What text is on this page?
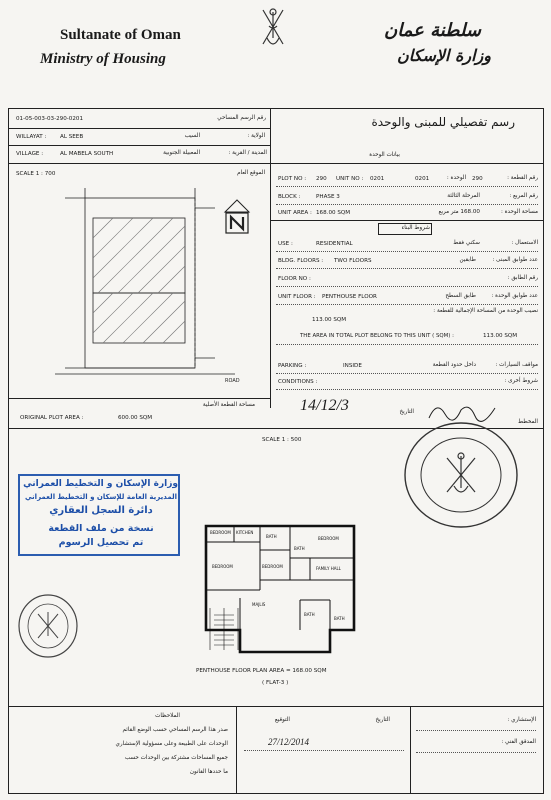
Sultanate of Oman
Ministry of Housing
سلطنة عمان
وزارة الإسكان
01-05-003-03-290-0201	رقم الرسم المساحي	رسم تفصيلي للمبنى والوحدة
WILLAYAT : AL SEEB	السيب	الولاية :
VILLAGE :	AL MABELA SOUTH	المعبيلة الجنوبية	المدينة / القرية :	بيانات الوحدة
SCALE 1 : 700	الموقع العام
ROAD
ORIGINAL PLOT AREA :	600.00 SQM
مساحة القطعة الأصلية
PLOT NO : 290 UNIT NO : 0201	0201	الوحدة : 290	رقم القطعة :
BLOCK :	PHASE 3	المرحلة الثالثة	رقم المربع :
UNIT AREA : 168.00 SQM	168.00 متر مربع	مساحة الوحدة :
شروط البناء
USE :	RESIDENTIAL	سكني فقط	الاستعمال :
BLDG. FLOORS : TWO FLOORS	طابقين	عدد طوابق المبنى :
FLOOR NO :	رقم الطابق :
UNIT FLOOR : PENTHOUSE FLOOR	طابق السطح	عدد طوابق الوحدة :
نصيب الوحدة من المساحة الإجمالية للقطعة :
113.00 SQM
THE AREA IN TOTAL PLOT BELONG TO THIS UNIT ( SQM) :	113.00 SQM
PARKING :	INSIDE	داخل حدود القطعة	مواقف السيارات :
CONDITIONS :	شروط أخرى :
14/12/3	التاريخ
المخطط
SCALE 1 : 500
BEDROOM KITCHEN
BATH	BEDROOM
BEDROOM	BEDROOM	FAMILY HALL
MAJLIS
BATH
BATH
BATH
PENTHOUSE FLOOR PLAN AREA = 168.00 SQM
( FLAT-3 )
وزارة الإسكان و التخطيط العمراني
المديرية العامة للإسكان و التخطيط العمراني
دائرة السجل العقاري
نسخة من ملف القطعة
تم تحصيل الرسوم
الملاحظات
صدر هذا الرسم المساحي حسب الوضع القائم
الوحدات على الطبيعة وعلى مسؤولية الإستشاري
جميع المساحات مشتركة بين الوحدات حسب
ما حددها القانون
التوقيع	التاريخ
27/12/2014
الإستشاري :
المدقق الفني :
